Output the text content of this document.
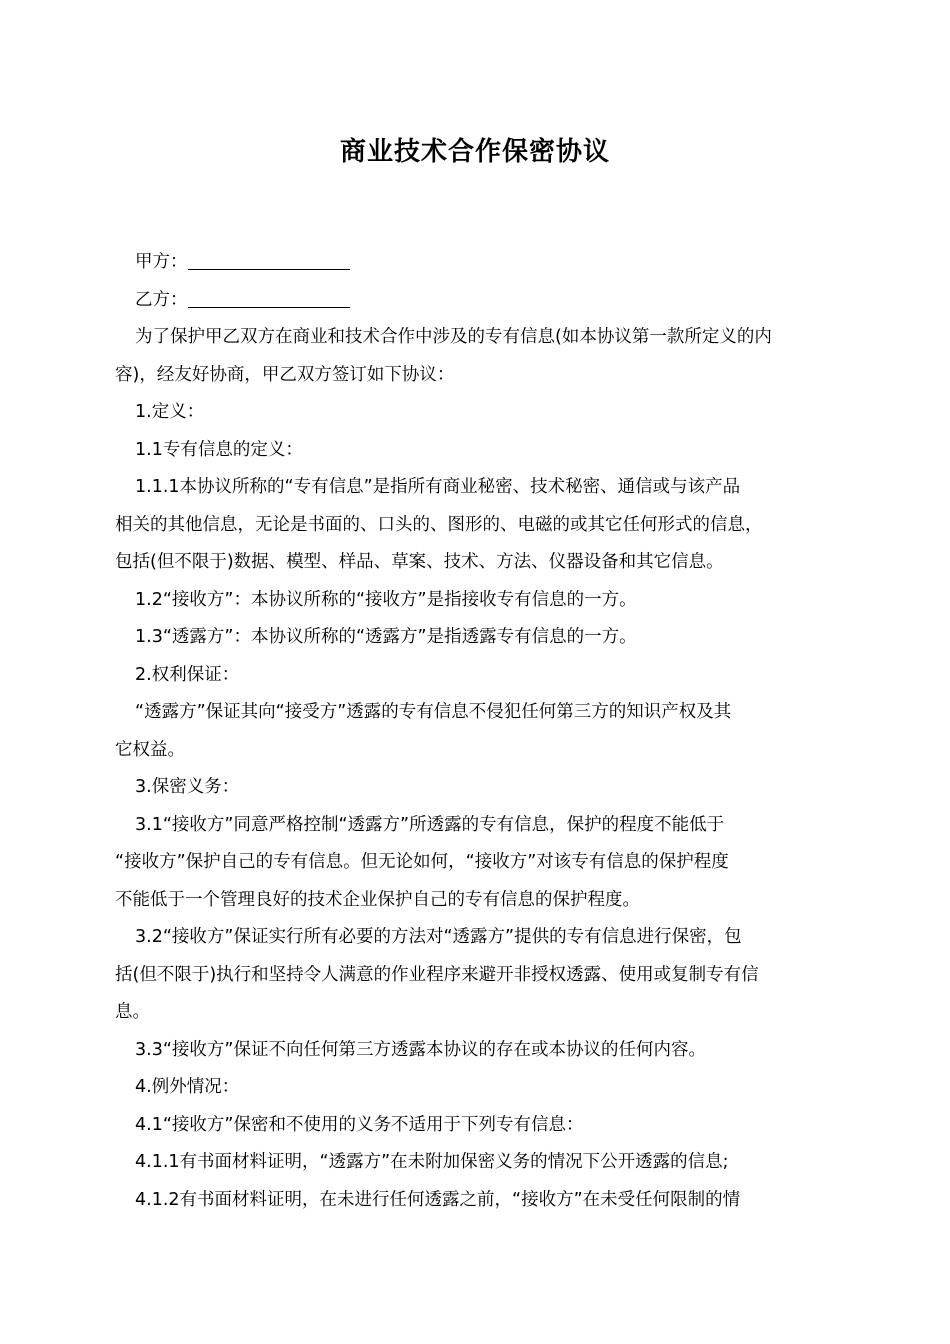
商业技术合作保密协议
甲方：
乙方：
为了保护甲乙双方在商业和技术合作中涉及的专有信息(如本协议第一款所定义的内
容)，经友好协商，甲乙双方签订如下协议：
1.定义：
1.1专有信息的定义：
1.1.1本协议所称的“专有信息”是指所有商业秘密、技术秘密、通信或与该产品
相关的其他信息，无论是书面的、口头的、图形的、电磁的或其它任何形式的信息，
包括(但不限于)数据、模型、样品、草案、技术、方法、仪器设备和其它信息。
1.2“接收方”：本协议所称的“接收方”是指接收专有信息的一方。
1.3“透露方”：本协议所称的“透露方”是指透露专有信息的一方。
2.权利保证：
“透露方”保证其向“接受方”透露的专有信息不侵犯任何第三方的知识产权及其
它权益。
3.保密义务：
3.1“接收方”同意严格控制“透露方”所透露的专有信息，保护的程度不能低于
“接收方”保护自己的专有信息。但无论如何，“接收方”对该专有信息的保护程度
不能低于一个管理良好的技术企业保护自己的专有信息的保护程度。
3.2“接收方”保证实行所有必要的方法对“透露方”提供的专有信息进行保密，包
括(但不限于)执行和坚持令人满意的作业程序来避开非授权透露、使用或复制专有信
息。
3.3“接收方”保证不向任何第三方透露本协议的存在或本协议的任何内容。
4.例外情况：
4.1“接收方”保密和不使用的义务不适用于下列专有信息：
4.1.1有书面材料证明，“透露方”在未附加保密义务的情况下公开透露的信息;
4.1.2有书面材料证明，在未进行任何透露之前，“接收方”在未受任何限制的情
